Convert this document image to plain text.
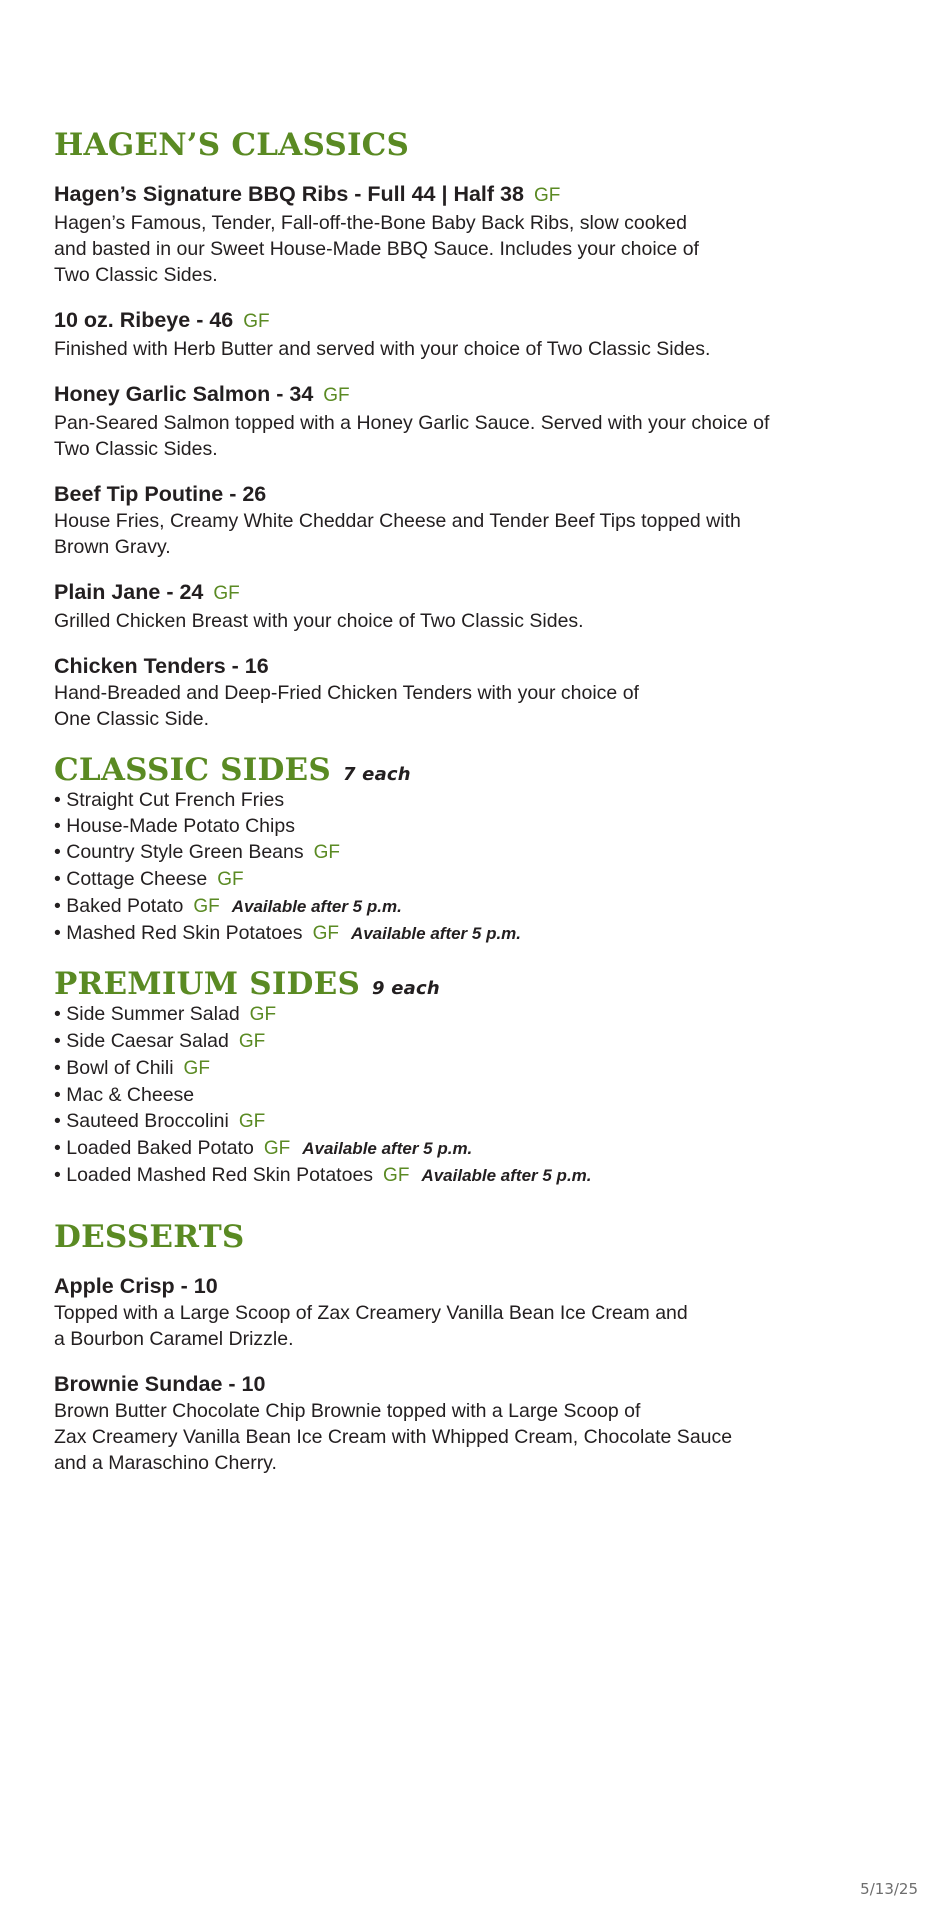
HAGEN’S CLASSICS
Hagen’s Signature BBQ Ribs - Full 44 | Half 38 GF
Hagen’s Famous, Tender, Fall-off-the-Bone Baby Back Ribs, slow cooked
and basted in our Sweet House-Made BBQ Sauce. Includes your choice of
Two Classic Sides.
10 oz. Ribeye - 46 GF
Finished with Herb Butter and served with your choice of Two Classic Sides.
Honey Garlic Salmon - 34 GF
Pan-Seared Salmon topped with a Honey Garlic Sauce. Served with your choice of
Two Classic Sides.
Beef Tip Poutine - 26
House Fries, Creamy White Cheddar Cheese and Tender Beef Tips topped with
Brown Gravy.
Plain Jane - 24 GF
Grilled Chicken Breast with your choice of Two Classic Sides.
Chicken Tenders - 16
Hand-Breaded and Deep-Fried Chicken Tenders with your choice of
One Classic Side.
CLASSIC SIDES 7 each
• Straight Cut French Fries
• House-Made Potato Chips
• Country Style Green Beans GF
• Cottage Cheese GF
• Baked Potato GF Available after 5 p.m.
• Mashed Red Skin Potatoes GF Available after 5 p.m.
PREMIUM SIDES 9 each
• Side Summer Salad GF
• Side Caesar Salad GF
• Bowl of Chili GF
• Mac & Cheese
• Sauteed Broccolini GF
• Loaded Baked Potato GF Available after 5 p.m.
• Loaded Mashed Red Skin Potatoes GF Available after 5 p.m.
DESSERTS
Apple Crisp - 10
Topped with a Large Scoop of Zax Creamery Vanilla Bean Ice Cream and
a Bourbon Caramel Drizzle.
Brownie Sundae - 10
Brown Butter Chocolate Chip Brownie topped with a Large Scoop of
Zax Creamery Vanilla Bean Ice Cream with Whipped Cream, Chocolate Sauce
and a Maraschino Cherry.
5/13/25
